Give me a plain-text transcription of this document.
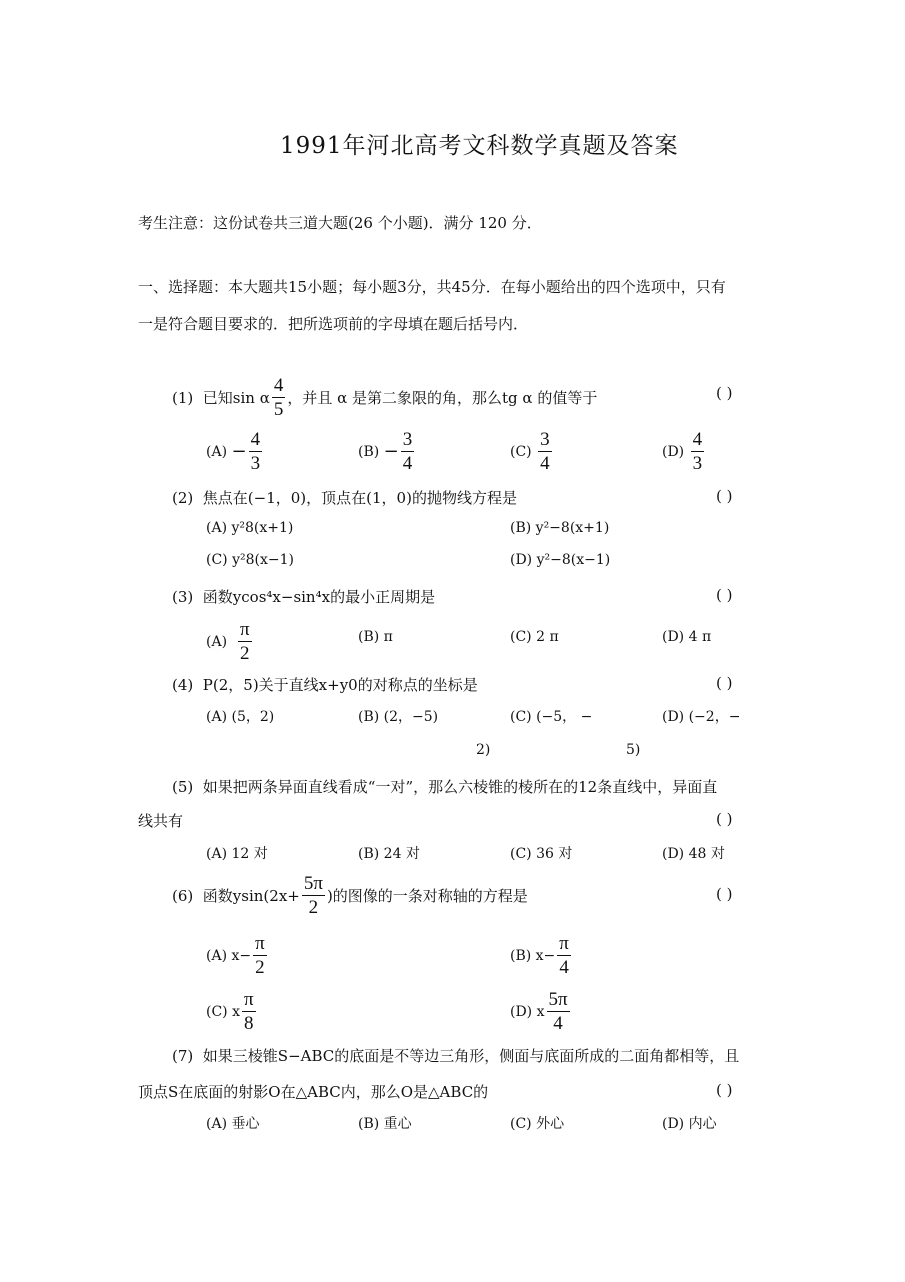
1991年河北高考文科数学真题及答案
考生注意：这份试卷共三道大题(26 个小题)．满分 120 分．
一、选择题：本大题共15小题；每小题3分，共45分．在每小题给出的四个选项中，只有
一是符合题目要求的．把所选项前的字母填在题后括号内．
(1)
已知sin α $\frac{4}{5}$ ，并且 α 是第二象限的角，那么tg α 的值等于	( )
(A)
− $\frac{4}{3}$	(B)
− $\frac{3}{4}$	(C)
$\frac{3}{4}$	(D)
$\frac{4}{3}$
(2) 焦点在(−1，0)，顶点在(1，0)的抛物线方程是	( )
(A) y²8(x+1)	(B) y²−8(x+1)
(C) y²8(x−1)	(D) y²−8(x−1)
(3) 函数ycos⁴x−sin⁴x的最小正周期是	( )
(A)
$\frac{\pi}{2}$	(B) π	(C) 2 π	(D) 4 π
(4) P(2，5)关于直线x+y0的对称点的坐标是	( )
(A) (5，2)	(B) (2，−5)	(C) (−5， −	(D) (−2，−
2)	5)
(5) 如果把两条异面直线看成“一对”，那么六棱锥的棱所在的12条直线中，异面直
线共有	( )
(A) 12 对	(B) 24 对	(C) 36 对	(D) 48 对
(6)
函数$ysin(2x+ \frac{5\pi}{2}$ )的图像的一条对称轴的方程是	( )
(A) $x- \frac{\pi}{2}$	(B) $x- \frac{\pi}{4}$
(C) x $\frac{\pi}{8}$	(D) x $\frac{5\pi}{4}$
(7) 如果三棱锥S−ABC的底面是不等边三角形，侧面与底面所成的二面角都相等，且
顶点S在底面的射影O在△ABC内，那么O是△ABC的	( )
(A) 垂心	(B) 重心	(C) 外心	(D) 内心
